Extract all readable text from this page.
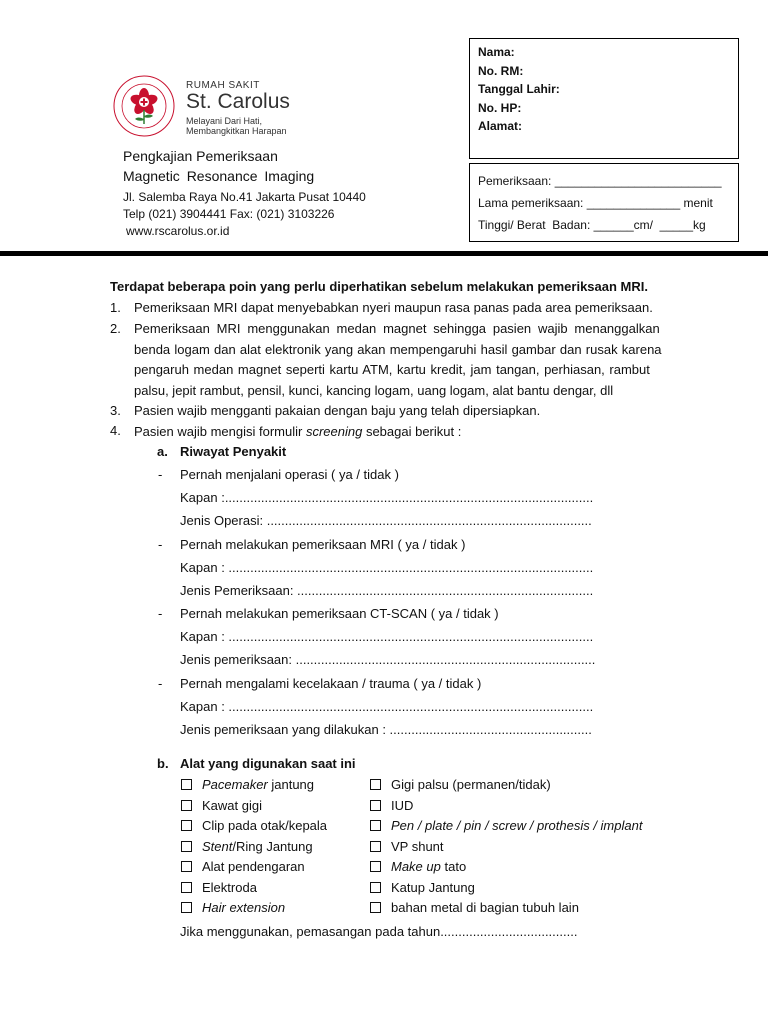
RUMAH SAKIT
St. Carolus
Melayani Dari Hati,
Membangkitkan Harapan
Pengkajian Pemeriksaan
Magnetic Resonance Imaging
Jl. Salemba Raya No.41 Jakarta Pusat 10440
Telp (021) 3904441 Fax: (021) 3103226
www.rscarolus.or.id
Nama:
No. RM:
Tanggal Lahir:
No. HP:
Alamat:
Pemeriksaan: _________________________
Lama pemeriksaan: ______________ menit
Tinggi/ Berat  Badan: ______cm/  _____kg
Terdapat beberapa poin yang perlu diperhatikan sebelum melakukan pemeriksaan MRI.
1. Pemeriksaan MRI dapat menyebabkan nyeri maupun rasa panas pada area pemeriksaan.
2. Pemeriksaan MRI menggunakan medan magnet sehingga pasien wajib menanggalkan
benda logam dan alat elektronik yang akan mempengaruhi hasil gambar dan rusak karena
pengaruh medan magnet seperti kartu ATM, kartu kredit, jam tangan, perhiasan, rambut
palsu, jepit rambut, pensil, kunci, kancing logam, uang logam, alat bantu dengar, dll
3. Pasien wajib mengganti pakaian dengan baju yang telah dipersiapkan.
4. Pasien wajib mengisi formulir screening sebagai berikut :
a. Riwayat Penyakit
- Pernah menjalani operasi ( ya / tidak )
Kapan :......................................................................................................
Jenis Operasi: ..........................................................................................
- Pernah melakukan pemeriksaan MRI ( ya / tidak )
Kapan : .....................................................................................................
Jenis Pemeriksaan: ..................................................................................
- Pernah melakukan pemeriksaan CT-SCAN ( ya / tidak )
Kapan : .....................................................................................................
Jenis pemeriksaan: ...................................................................................
- Pernah mengalami kecelakaan / trauma ( ya / tidak )
Kapan : .....................................................................................................
Jenis pemeriksaan yang dilakukan : ........................................................
b. Alat yang digunakan saat ini
Pacemaker jantung
Kawat gigi
Clip pada otak/kepala
Stent/Ring Jantung
Alat pendengaran
Elektroda
Hair extension
Gigi palsu (permanen/tidak)
IUD
Pen / plate / pin / screw / prothesis / implant
VP shunt
Make up tato
Katup Jantung
bahan metal di bagian tubuh lain
Jika menggunakan, pemasangan pada tahun......................................
